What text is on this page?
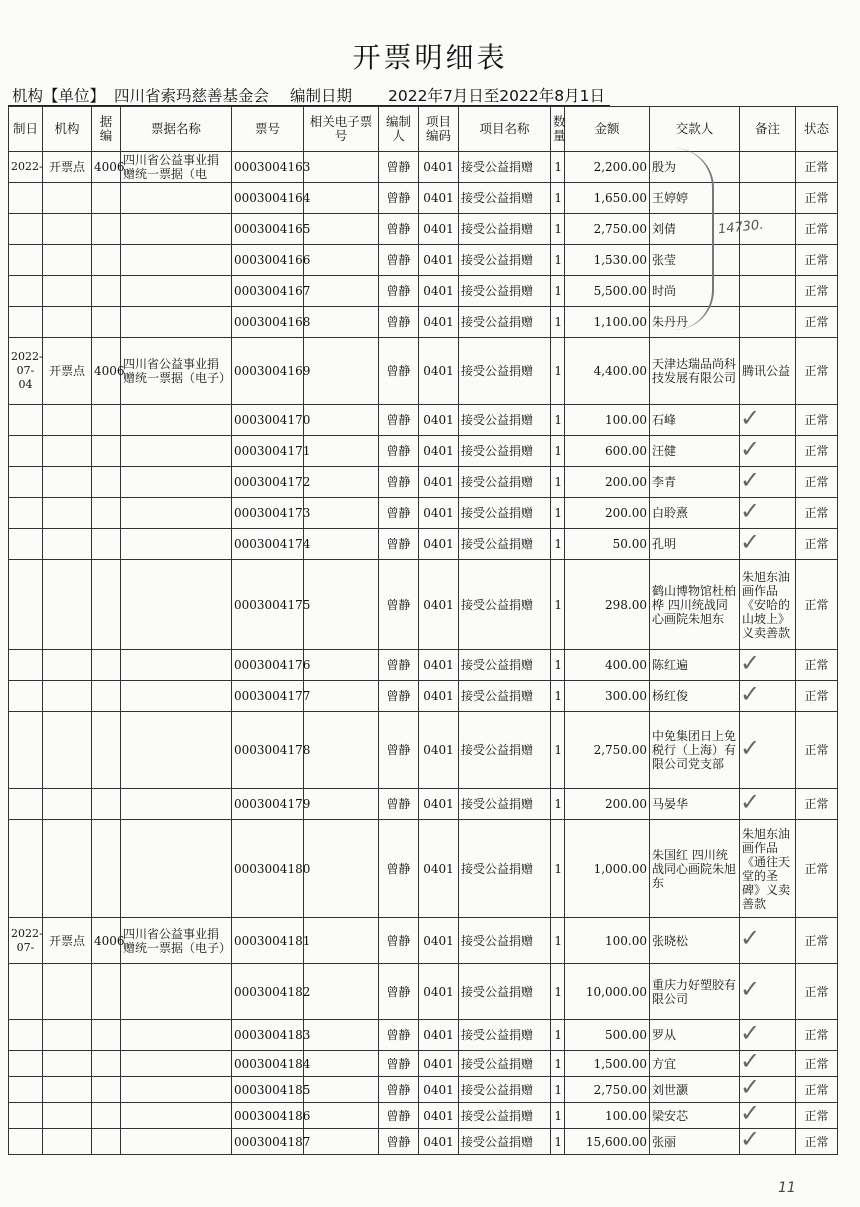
开票明细表
机构【单位】 四川省索玛慈善基金会 编制日期 2022年7月日至2022年8月1日
制日	机构	据编	票据名称	票号	相关电子票号	编制人	项目编码	项目名称	数量	金额	交款人	备注	状态
2022-	开票点	4006	四川省公益事业捐赠统一票据（电	0003004163		曾静	0401	接受公益捐赠	1	2,200.00	殷为		正常
				0003004164		曾静	0401	接受公益捐赠	1	1,650.00	王婷婷		正常
				0003004165		曾静	0401	接受公益捐赠	1	2,750.00	刘倩		正常
				0003004166		曾静	0401	接受公益捐赠	1	1,530.00	张莹		正常
				0003004167		曾静	0401	接受公益捐赠	1	5,500.00	时尚		正常
				0003004168		曾静	0401	接受公益捐赠	1	1,100.00	朱丹丹		正常
2022-07-04	开票点	4006	四川省公益事业捐赠统一票据（电子）	0003004169		曾静	0401	接受公益捐赠	1	4,400.00	天津达瑞品尚科技发展有限公司	腾讯公益	正常
				0003004170		曾静	0401	接受公益捐赠	1	100.00	石峰		正常
				0003004171		曾静	0401	接受公益捐赠	1	600.00	汪健		正常
				0003004172		曾静	0401	接受公益捐赠	1	200.00	李青		正常
				0003004173		曾静	0401	接受公益捐赠	1	200.00	白聆熹		正常
				0003004174		曾静	0401	接受公益捐赠	1	50.00	孔明		正常
				0003004175		曾静	0401	接受公益捐赠	1	298.00	鹤山博物馆杜柏桦 四川统战同心画院朱旭东	朱旭东油画作品《安哈的山坡上》义卖善款	正常
				0003004176		曾静	0401	接受公益捐赠	1	400.00	陈红遍		正常
				0003004177		曾静	0401	接受公益捐赠	1	300.00	杨红俊		正常
				0003004178		曾静	0401	接受公益捐赠	1	2,750.00	中免集团日上免税行（上海）有限公司党支部		正常
				0003004179		曾静	0401	接受公益捐赠	1	200.00	马晏华		正常
				0003004180		曾静	0401	接受公益捐赠	1	1,000.00	朱国红 四川统战同心画院朱旭东	朱旭东油画作品《通往天堂的圣碑》义卖善款	正常
2022-07-	开票点	4006	四川省公益事业捐赠统一票据（电子）	0003004181		曾静	0401	接受公益捐赠	1	100.00	张晓松		正常
				0003004182		曾静	0401	接受公益捐赠	1	10,000.00	重庆力好塑胶有限公司		正常
				0003004183		曾静	0401	接受公益捐赠	1	500.00	罗从		正常
				0003004184		曾静	0401	接受公益捐赠	1	1,500.00	方宜		正常
				0003004185		曾静	0401	接受公益捐赠	1	2,750.00	刘世灏		正常
				0003004186		曾静	0401	接受公益捐赠	1	100.00	梁安芯		正常
				0003004187		曾静	0401	接受公益捐赠	1	15,600.00	张丽		正常
14730.
✓
✓
✓
✓
✓
✓
✓
✓
✓
✓
✓
✓
✓
✓
✓
✓
11
